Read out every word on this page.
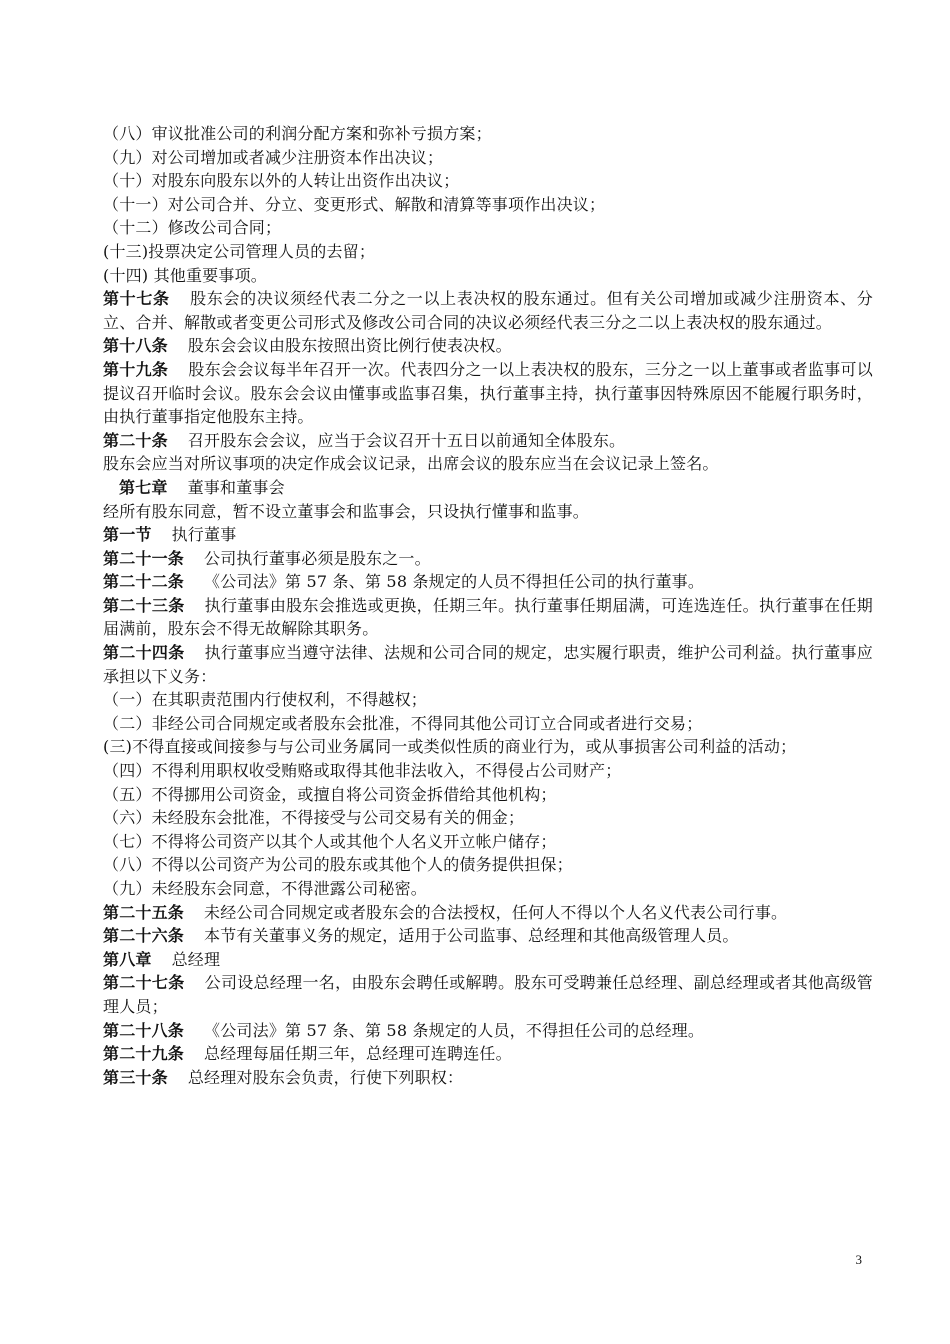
（八）审议批准公司的利润分配方案和弥补亏损方案；

（九）对公司增加或者减少注册资本作出决议；

（十）对股东向股东以外的人转让出资作出决议；

（十一）对公司合并、分立、变更形式、解散和清算等事项作出决议；

（十二）修改公司合同；

(十三)投票决定公司管理人员的去留；

(十四) 其他重要事项。

第十七条 股东会的决议须经代表二分之一以上表决权的股东通过。但有关公司增加或减少注册资本、分立、合并、解散或者变更公司形式及修改公司合同的决议必须经代表三分之二以上表决权的股东通过。

第十八条 股东会会议由股东按照出资比例行使表决权。

第十九条 股东会会议每半年召开一次。代表四分之一以上表决权的股东，三分之一以上董事或者监事可以提议召开临时会议。股东会会议由懂事或监事召集，执行董事主持，执行董事因特殊原因不能履行职务时，由执行董事指定他股东主持。

第二十条 召开股东会会议，应当于会议召开十五日以前通知全体股东。

股东会应当对所议事项的决定作成会议记录，出席会议的股东应当在会议记录上签名。

第七章 董事和董事会

经所有股东同意，暂不设立董事会和监事会，只设执行懂事和监事。

第一节 执行董事

第二十一条 公司执行董事必须是股东之一。

第二十二条 《公司法》第 57 条、第 58 条规定的人员不得担任公司的执行董事。

第二十三条 执行董事由股东会推选或更换，任期三年。执行董事任期届满，可连选连任。执行董事在任期届满前，股东会不得无故解除其职务。

第二十四条 执行董事应当遵守法律、法规和公司合同的规定，忠实履行职责，维护公司利益。执行董事应承担以下义务：

（一）在其职责范围内行使权利，不得越权；

（二）非经公司合同规定或者股东会批准，不得同其他公司订立合同或者进行交易；

(三)不得直接或间接参与与公司业务属同一或类似性质的商业行为，或从事损害公司利益的活动；

（四）不得利用职权收受贿赂或取得其他非法收入，不得侵占公司财产；

（五）不得挪用公司资金，或擅自将公司资金拆借给其他机构；

（六）未经股东会批准，不得接受与公司交易有关的佣金；

（七）不得将公司资产以其个人或其他个人名义开立帐户储存；

（八）不得以公司资产为公司的股东或其他个人的债务提供担保；

（九）未经股东会同意，不得泄露公司秘密。

第二十五条 未经公司合同规定或者股东会的合法授权，任何人不得以个人名义代表公司行事。

第二十六条 本节有关董事义务的规定，适用于公司监事、总经理和其他高级管理人员。

第八章 总经理

第二十七条 公司设总经理一名，由股东会聘任或解聘。股东可受聘兼任总经理、副总经理或者其他高级管理人员；

第二十八条 《公司法》第 57 条、第 58 条规定的人员，不得担任公司的总经理。

第二十九条 总经理每届任期三年，总经理可连聘连任。

第三十条 总经理对股东会负责，行使下列职权：

3
